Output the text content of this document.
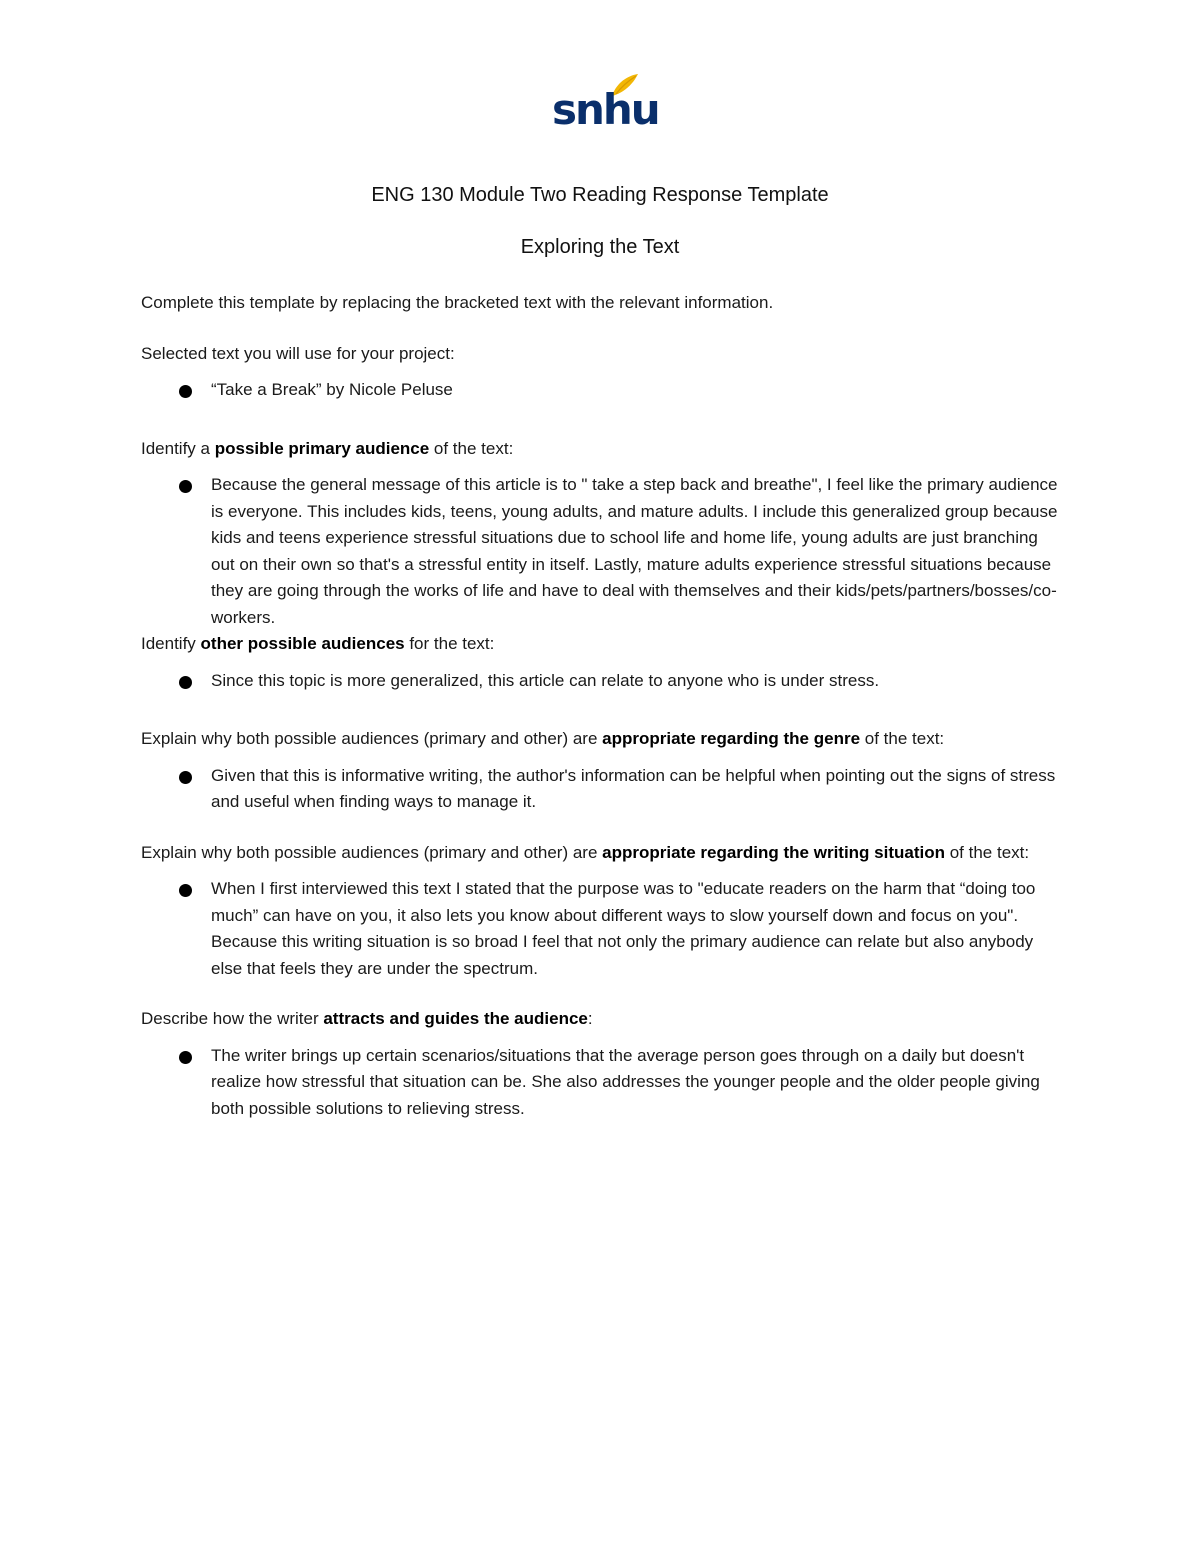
snhu
ENG 130 Module Two Reading Response Template
Exploring the Text

Complete this template by replacing the bracketed text with the relevant information.

Selected text you will use for your project:

“Take a Break” by Nicole Peluse

Identify a possible primary audience of the text:

Because the general message of this article is to " take a step back and breathe", I feel like the primary audience is everyone. This includes kids, teens, young adults, and mature adults. I include this generalized group because kids and teens experience stressful situations due to school life and home life, young adults are just branching out on their own so that's a stressful entity in itself. Lastly, mature adults experience stressful situations because they are going through the works of life and have to deal with themselves and their kids/pets/partners/bosses/co-workers.

Identify other possible audiences for the text:

Since this topic is more generalized, this article can relate to anyone who is under stress.

Explain why both possible audiences (primary and other) are appropriate regarding the genre of the text:

Given that this is informative writing, the author's information can be helpful when pointing out the signs of stress and useful when finding ways to manage it.

Explain why both possible audiences (primary and other) are appropriate regarding the writing situation of the text:

When I first interviewed this text I stated that the purpose was to "educate readers on the harm that “doing too much” can have on you, it also lets you know about different ways to slow yourself down and focus on you". Because this writing situation is so broad I feel that not only the primary audience can relate but also anybody else that feels they are under the spectrum.

Describe how the writer attracts and guides the audience:

The writer brings up certain scenarios/situations that the average person goes through on a daily but doesn't realize how stressful that situation can be. She also addresses the younger people and the older people giving both possible solutions to relieving stress.
